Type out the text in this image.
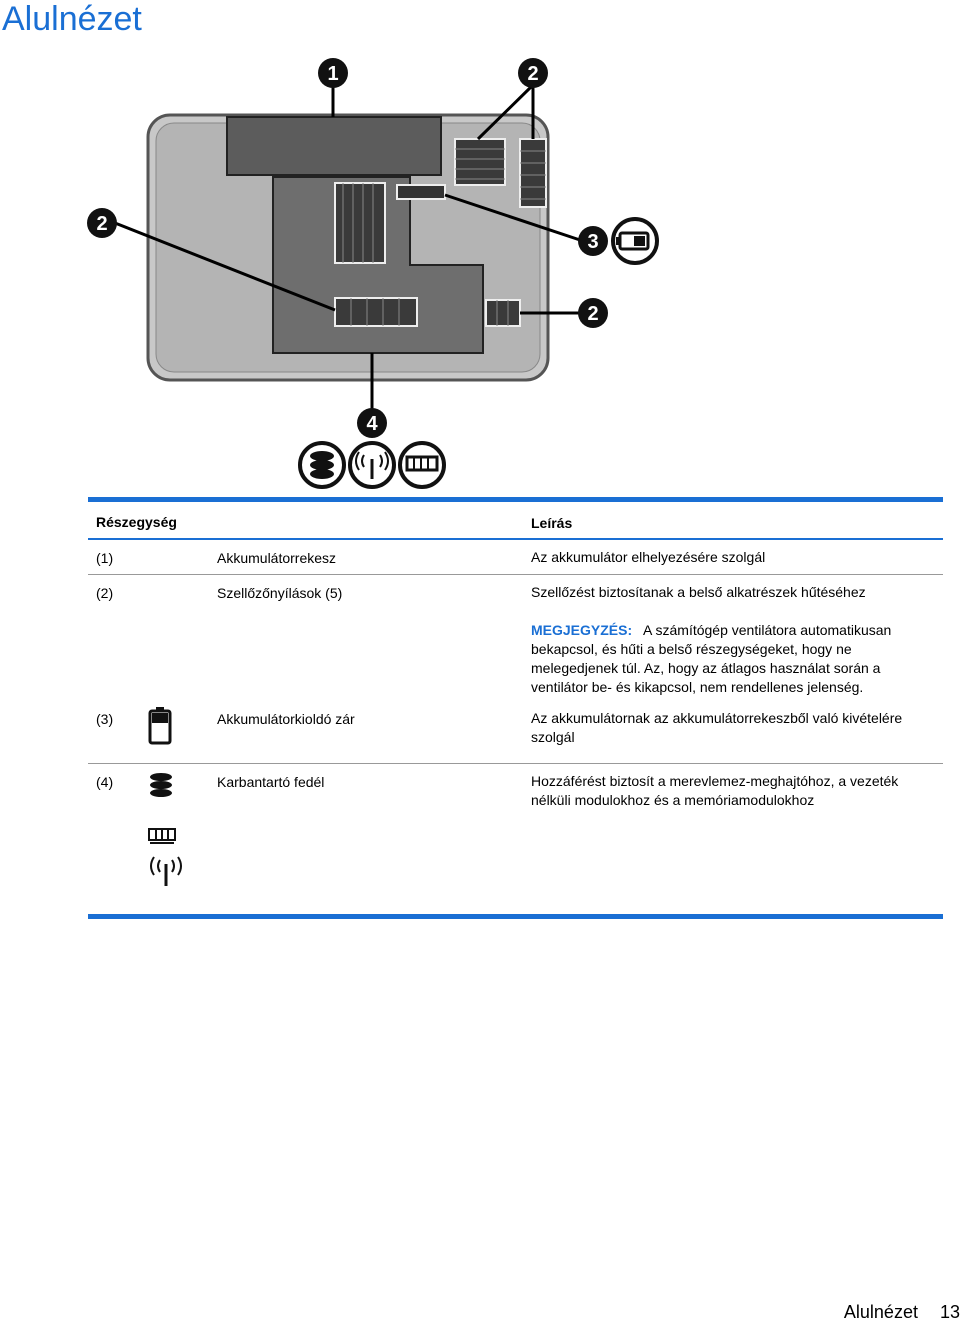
Alulnézet
1	2
2
3
2
4
Részegység	Leírás
(1)	Akkumulátorrekesz	Az akkumulátor elhelyezésére szolgál
(2)	Szellőzőnyílások (5)	Szellőzést biztosítanak a belső alkatrészek hűtéséhez
MEGJEGYZÉS: A számítógép ventilátora automatikusan bekapcsol, és hűti a belső részegységeket, hogy ne melegedjenek túl. Az, hogy az átlagos használat során a ventilátor be- és kikapcsol, nem rendellenes jelenség.
(3)	Akkumulátorkioldó zár	Az akkumulátornak az akkumulátorrekeszből való kivételére szolgál
(4)	Karbantartó fedél	Hozzáférést biztosít a merevlemez-meghajtóhoz, a vezeték nélküli modulokhoz és a memóriamodulokhoz
Alulnézet 13
